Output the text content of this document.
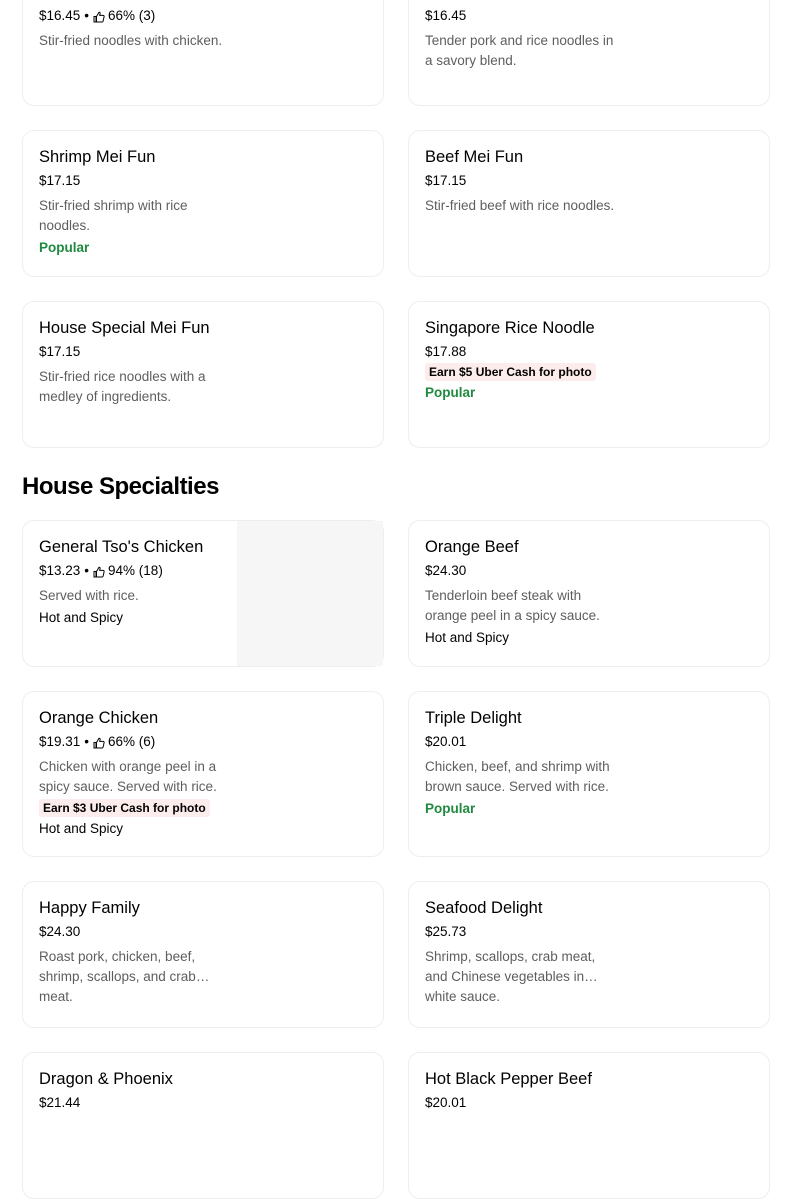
$16.45 • 66% (3)
Stir-fried noodles with chicken.
$16.45
Tender pork and rice noodles in a savory blend.
Shrimp Mei Fun
$17.15
Stir-fried shrimp with rice noodles.
Popular
Beef Mei Fun
$17.15
Stir-fried beef with rice noodles.
House Special Mei Fun
$17.15
Stir-fried rice noodles with a medley of ingredients.
Singapore Rice Noodle
$17.88
Earn $5 Uber Cash for photo
Popular
House Specialties
General Tso's Chicken
$13.23 • 94% (18)
Served with rice.
Hot and Spicy
Orange Beef
$24.30
Tenderloin beef steak with orange peel in a spicy sauce.
Hot and Spicy
Orange Chicken
$19.31 • 66% (6)
Chicken with orange peel in a spicy sauce. Served with rice.
Earn $3 Uber Cash for photo
Hot and Spicy
Triple Delight
$20.01
Chicken, beef, and shrimp with brown sauce. Served with rice.
Popular
Happy Family
$24.30
Roast pork, chicken, beef, shrimp, scallops, and crab meat.
Seafood Delight
$25.73
Shrimp, scallops, crab meat, and Chinese vegetables in white sauce.
Dragon & Phoenix
$21.44
Hot Black Pepper Beef
$20.01
